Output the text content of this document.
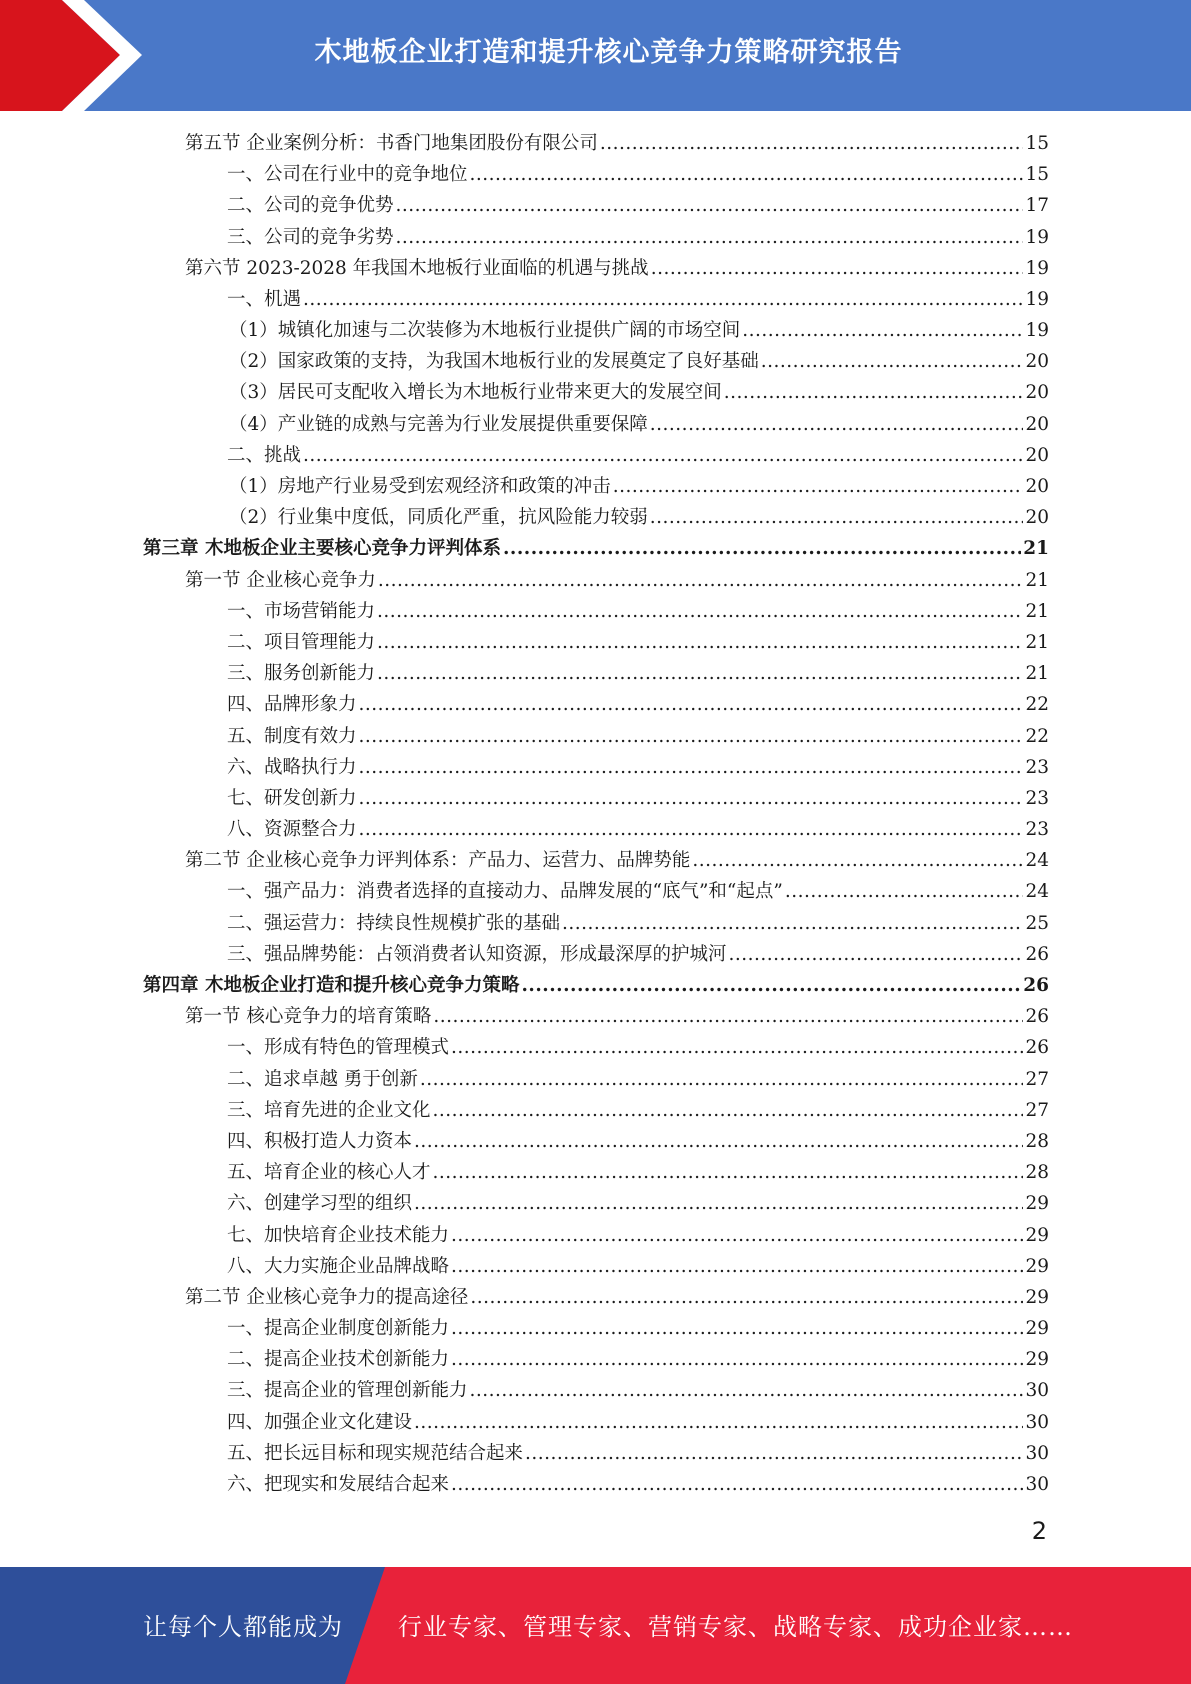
木地板企业打造和提升核心竞争力策略研究报告
第五节 企业案例分析：书香门地集团股份有限公司 .....	15
一、公司在行业中的竞争地位 .....	15
二、公司的竞争优势 .....	17
三、公司的竞争劣势 .....	19
第六节 2023-2028 年我国木地板行业面临的机遇与挑战 .....	19
一、机遇 .....	19
（1）城镇化加速与二次装修为木地板行业提供广阔的市场空间 .....	19
（2）国家政策的支持，为我国木地板行业的发展奠定了良好基础 .....	20
（3）居民可支配收入增长为木地板行业带来更大的发展空间 .....	20
（4）产业链的成熟与完善为行业发展提供重要保障 .....	20
二、挑战 .....	20
（1）房地产行业易受到宏观经济和政策的冲击 .....	20
（2）行业集中度低，同质化严重，抗风险能力较弱 .....	20
第三章 木地板企业主要核心竞争力评判体系 .....	21
第一节 企业核心竞争力 .....	21
一、市场营销能力 .....	21
二、项目管理能力 .....	21
三、服务创新能力 .....	21
四、品牌形象力 .....	22
五、制度有效力 .....	22
六、战略执行力 .....	23
七、研发创新力 .....	23
八、资源整合力 .....	23
第二节 企业核心竞争力评判体系：产品力、运营力、品牌势能 .....	24
一、强产品力：消费者选择的直接动力、品牌发展的“底气”和“起点” .....	24
二、强运营力：持续良性规模扩张的基础 .....	25
三、强品牌势能：占领消费者认知资源，形成最深厚的护城河 .....	26
第四章 木地板企业打造和提升核心竞争力策略 .....	26
第一节 核心竞争力的培育策略 .....	26
一、形成有特色的管理模式 .....	26
二、追求卓越 勇于创新 .....	27
三、培育先进的企业文化 .....	27
四、积极打造人力资本 .....	28
五、培育企业的核心人才 .....	28
六、创建学习型的组织 .....	29
七、加快培育企业技术能力 .....	29
八、大力实施企业品牌战略 .....	29
第二节 企业核心竞争力的提高途径 .....	29
一、提高企业制度创新能力 .....	29
二、提高企业技术创新能力 .....	29
三、提高企业的管理创新能力 .....	30
四、加强企业文化建设 .....	30
五、把长远目标和现实规范结合起来 .....	30
六、把现实和发展结合起来 .....	30
2
让每个人都能成为 行业专家、管理专家、营销专家、战略专家、成功企业家……
